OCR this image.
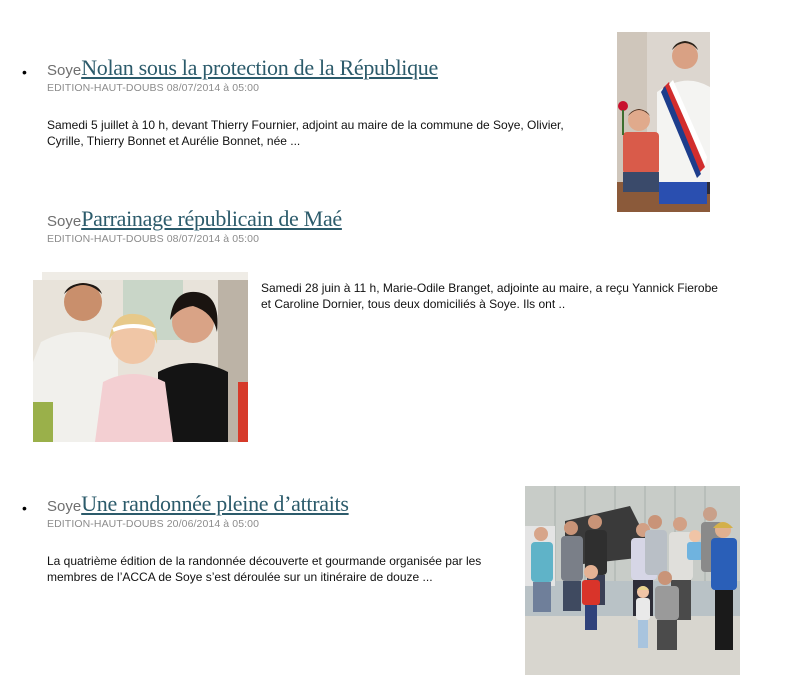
• SoyeNolan sous la protection de la République
EDITION-HAUT-DOUBS 08/07/2014 à 05:00
Samedi 5 juillet à 10 h, devant Thierry Fournier, adjoint au maire de la commune de Soye, Olivier, Cyrille, Thierry Bonnet et Aurélie Bonnet, née ...
SoyeParrainage républicain de Maé
EDITION-HAUT-DOUBS 08/07/2014 à 05:00
Samedi 28 juin à 11 h, Marie-Odile Branget, adjointe au maire, a reçu Yannick Fierobe et Caroline Dornier, tous deux domiciliés à Soye. Ils ont ..
• SoyeUne randonnée pleine d’attraits
EDITION-HAUT-DOUBS 20/06/2014 à 05:00
La quatrième édition de la randonnée découverte et gourmande organisée par les membres de l’ACCA de Soye s’est déroulée sur un itinéraire de douze ...
